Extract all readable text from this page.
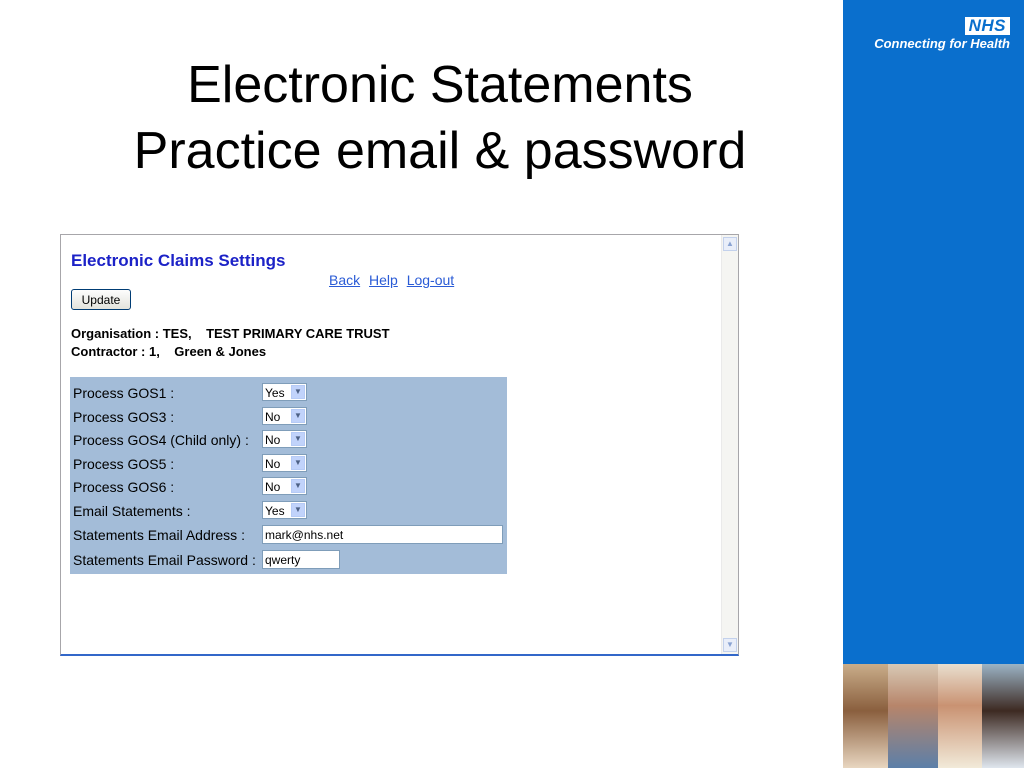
Electronic Statements
Practice email & password
NHS
Connecting for Health
Electronic Claims Settings
Back Help Log-out
Update
Organisation : TES,    TEST PRIMARY CARE TRUST
Contractor : 1,    Green & Jones
Process GOS1 :	Yes	▼
Process GOS3 :	No	▼
Process GOS4 (Child only) : No	▼
Process GOS5 :	No	▼
Process GOS6 :	No	▼
Email Statements :	Yes	▼
Statements Email Address :
mark@nhs.net
Statements Email Password :
qwerty
▲
▼
